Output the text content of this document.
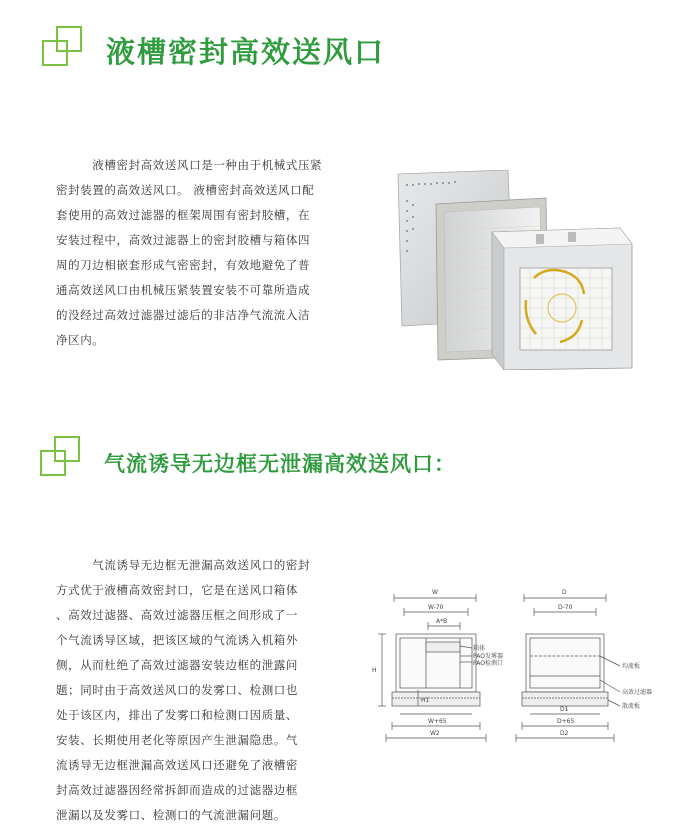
液槽密封高效送风口
　　　液槽密封高效送风口是一种由于机械式压紧
密封装置的高效送风口。 液槽密封高效送风口配
套使用的高效过滤器的框架周围有密封胶槽，在
安装过程中，高效过滤器上的密封胶槽与箱体四
周的刀边相嵌套形成气密密封，有效地避免了普
通高效送风口由机械压紧装置安装不可靠所造成
的没经过高效过滤器过滤后的非洁净气流流入洁
净区内。
气流诱导无边框无泄漏高效送风口：
　　　气流诱导无边框无泄漏高效送风口的密封
方式优于液槽高效密封口，它是在送风口箱体
、高效过滤器、高效过滤器压框之间形成了一
个气流诱导区域，把该区域的气流诱入机箱外
侧，从而杜绝了高效过滤器安装边框的泄露问
题；同时由于高效送风口的发雾口、检测口也
处于该区内，排出了发雾口和检测口因质量、
安装、长期使用老化等原因产生泄漏隐患。气
流诱导无边框泄漏高效送风口还避免了液槽密
封高效过滤器因经常拆卸而造成的过滤器边框
泄漏以及发雾口、检测口的气流泄漏问题。
W
W-70
A*B
H
H1
W+65
W2
箱体
PAO发雾器
PAO检测口
D
D-70
D1
D+65
D2
均流板
高效过滤器
散流板
